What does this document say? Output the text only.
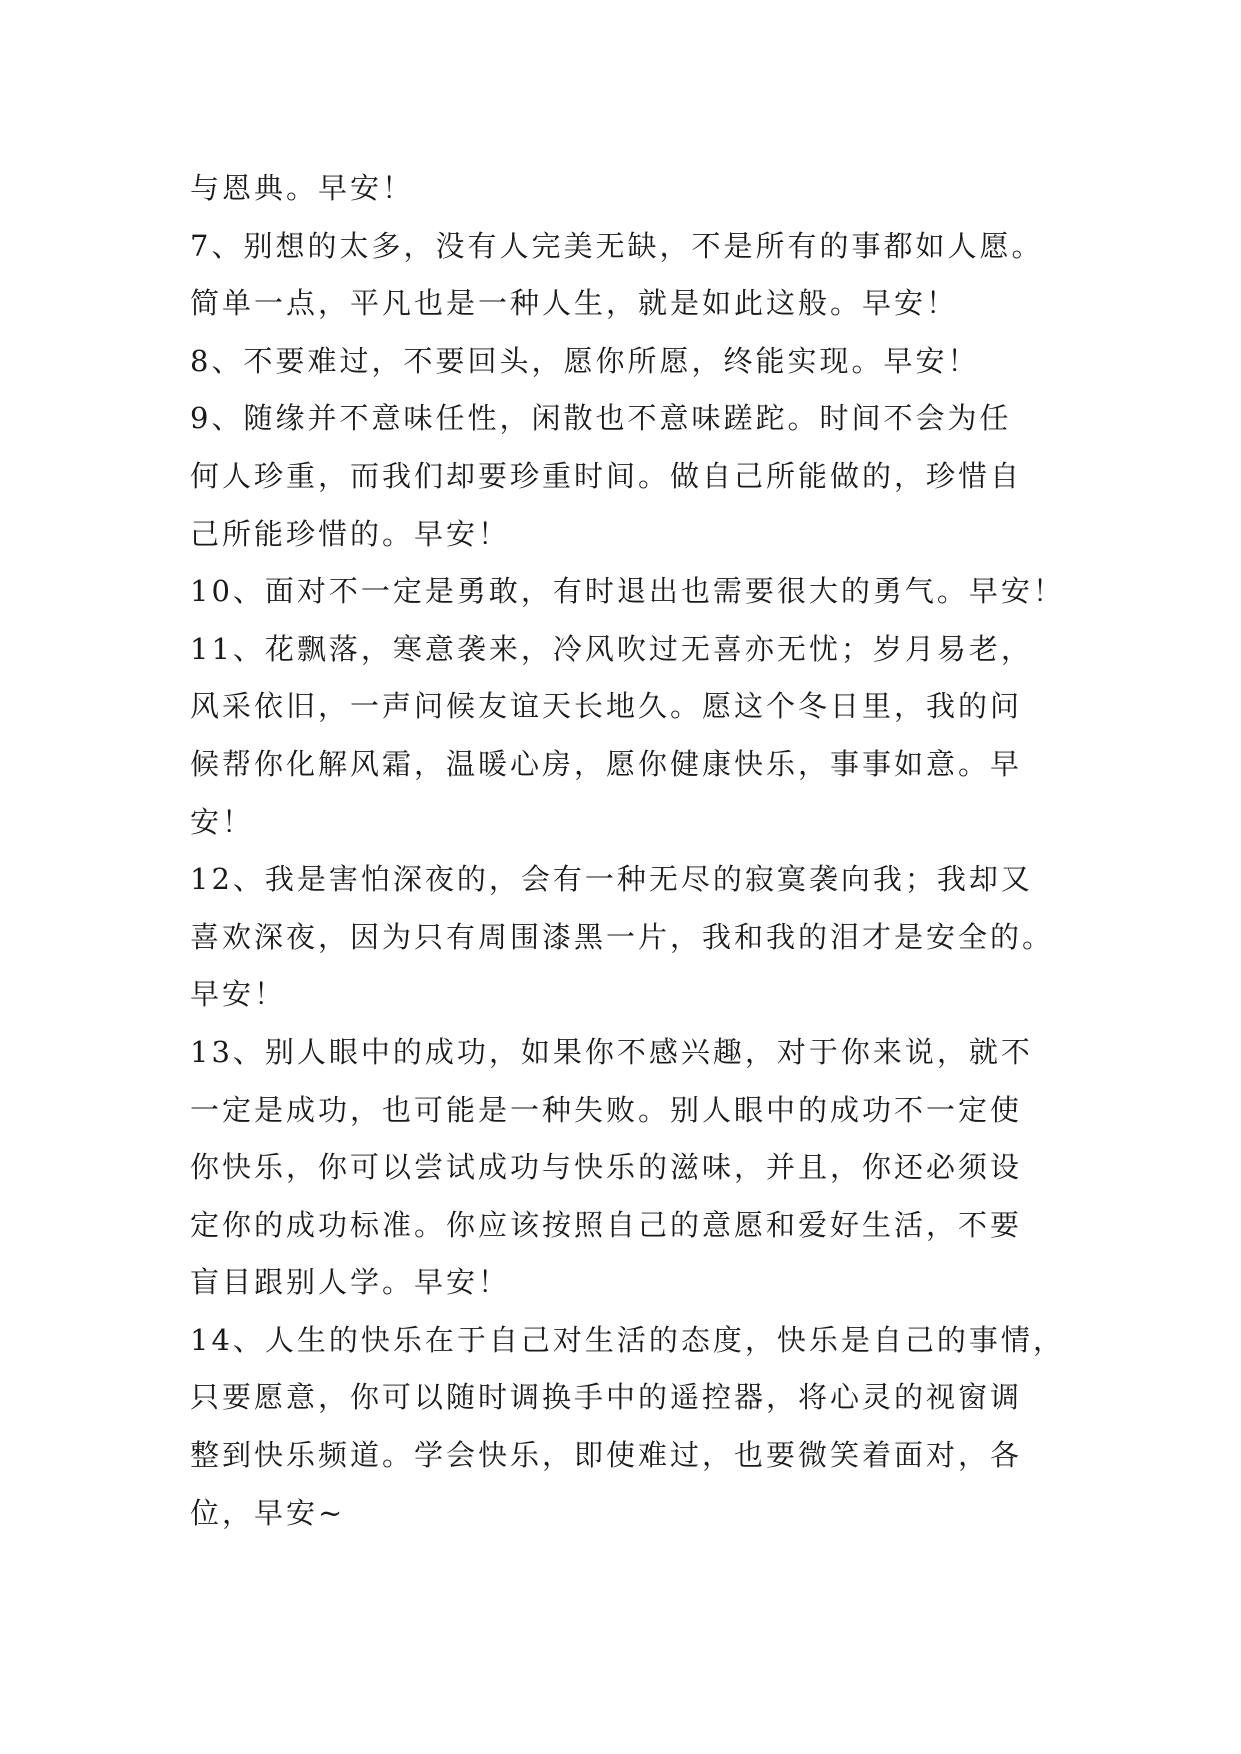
与恩典。早安！
7、别想的太多，没有人完美无缺，不是所有的事都如人愿。
简单一点，平凡也是一种人生，就是如此这般。早安！
8、不要难过，不要回头，愿你所愿，终能实现。早安！
9、随缘并不意味任性，闲散也不意味蹉跎。时间不会为任
何人珍重，而我们却要珍重时间。做自己所能做的，珍惜自
己所能珍惜的。早安！
10、面对不一定是勇敢，有时退出也需要很大的勇气。早安！
11、花飘落，寒意袭来，冷风吹过无喜亦无忧；岁月易老，
风采依旧，一声问候友谊天长地久。愿这个冬日里，我的问
候帮你化解风霜，温暖心房，愿你健康快乐，事事如意。早
安！
12、我是害怕深夜的，会有一种无尽的寂寞袭向我；我却又
喜欢深夜，因为只有周围漆黑一片，我和我的泪才是安全的。
早安！
13、别人眼中的成功，如果你不感兴趣，对于你来说，就不
一定是成功，也可能是一种失败。别人眼中的成功不一定使
你快乐，你可以尝试成功与快乐的滋味，并且，你还必须设
定你的成功标准。你应该按照自己的意愿和爱好生活，不要
盲目跟别人学。早安！
14、人生的快乐在于自己对生活的态度，快乐是自己的事情，
只要愿意，你可以随时调换手中的遥控器，将心灵的视窗调
整到快乐频道。学会快乐，即使难过，也要微笑着面对，各
位，早安~
